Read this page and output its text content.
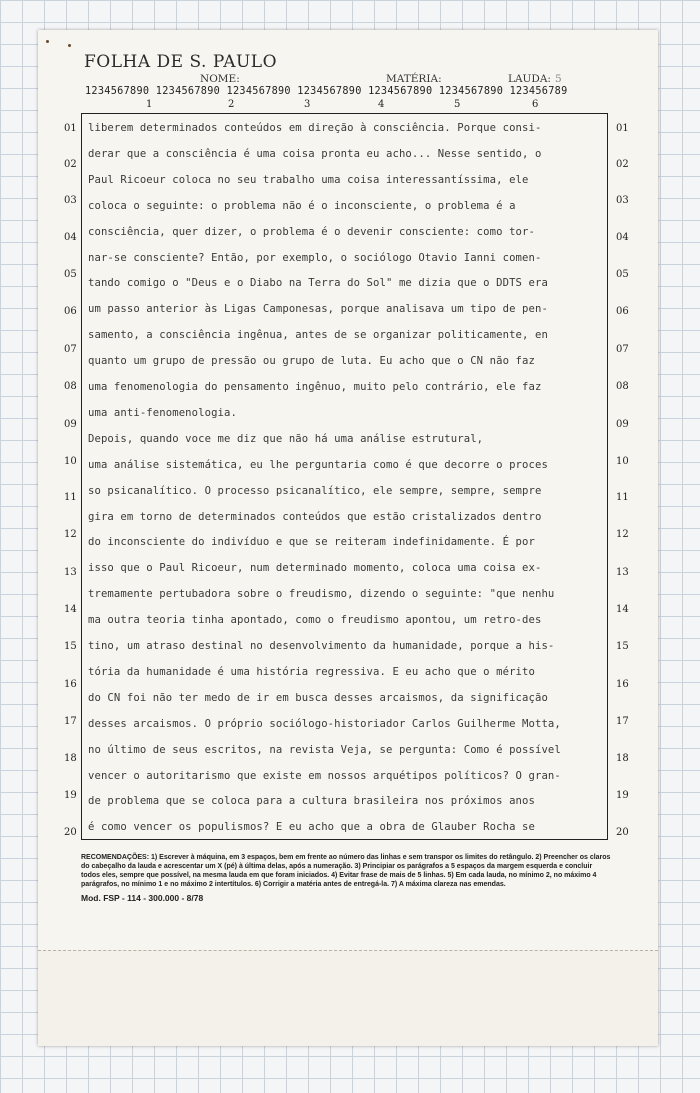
FOLHA DE S. PAULO
NOME:	MATÉRIA:	LAUDA: 5
1234567890 1234567890 1234567890 1234567890 1234567890 1234567890 123456789
1	2	3	4	5	6
01
02
03
04
05
06
07
08
09
10
11
12
13
14
15
16
17
18
19
20
01
02
03
04
05
06
07
08
09
10
11
12
13
14
15
16
17
18
19
20
liberem determinados conteúdos em direção à consciência. Porque consi-
derar que a consciência é uma coisa pronta eu acho... Nesse sentido, o
Paul Ricoeur coloca no seu trabalho uma coisa interessantíssima, ele
coloca o seguinte: o problema não é o inconsciente, o problema é a
consciência, quer dizer, o problema é o devenir consciente: como tor-
nar-se consciente? Então, por exemplo, o sociólogo Otavio Ianni comen-
tando comigo o "Deus e o Diabo na Terra do Sol" me dizia que o DDTS era
um passo anterior às Ligas Camponesas, porque analisava um tipo de pen-
samento, a consciência ingênua, antes de se organizar politicamente, en
quanto um grupo de pressão ou grupo de luta. Eu acho que o CN não faz
uma fenomenologia do pensamento ingênuo, muito pelo contrário, ele faz
uma anti-fenomenologia.
Depois, quando voce me diz que não há uma análise estrutural,
uma análise sistemática, eu lhe perguntaria como é que decorre o proces
so psicanalítico. O processo psicanalítico, ele sempre, sempre, sempre
gira em torno de determinados conteúdos que estão cristalizados dentro
do inconsciente do indivíduo e que se reiteram indefinidamente. É por
isso que o Paul Ricoeur, num determinado momento, coloca uma coisa ex-
tremamente pertubadora sobre o freudismo, dizendo o seguinte: "que nenhu
ma outra teoria tinha apontado, como o freudismo apontou, um retro-des
tino, um atraso destinal no desenvolvimento da humanidade, porque a his-
tória da humanidade é uma história regressiva. E eu acho que o mérito
do CN foi não ter medo de ir em busca desses arcaismos, da significação
desses arcaismos. O próprio sociólogo-historiador Carlos Guilherme Motta,
no último de seus escritos, na revista Veja, se pergunta: Como é possível
vencer o autoritarismo que existe em nossos arquétipos políticos? O gran-
de problema que se coloca para a cultura brasileira nos próximos anos
é como vencer os populismos? E eu acho que a obra de Glauber Rocha se
RECOMENDAÇÕES: 1) Escrever à máquina, em 3 espaços, bem em frente ao número das linhas e sem transpor os limites do retângulo. 2) Preencher os claros do cabeçalho da lauda e acrescentar um X (pé) à última delas, após a numeração. 3) Principiar os parágrafos a 5 espaços da margem esquerda e concluir todos eles, sempre que possível, na mesma lauda em que foram iniciados. 4) Evitar frase de mais de 5 linhas. 5) Em cada lauda, no mínimo 2, no máximo 4 parágrafos, no mínimo 1 e no máximo 2 intertítulos. 6) Corrigir a matéria antes de entregá-la. 7) A máxima clareza nas emendas.
Mod. FSP - 114 - 300.000 - 8/78
